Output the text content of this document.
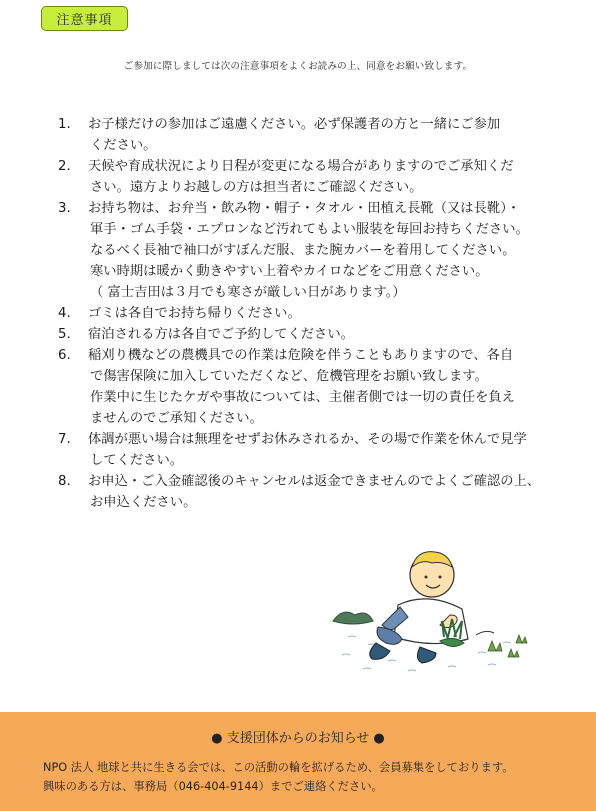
注意事項
ご参加に際しましては次の注意事項をよくお読みの上、同意をお願い致します。
1. お子様だけの参加はご遠慮ください。必ず保護者の方と一緒にご参加
ください。
2. 天候や育成状況により日程が変更になる場合がありますのでご承知くだ
さい。遠方よりお越しの方は担当者にご確認ください。
3. お持ち物は、お弁当・飲み物・帽子・タオル・田植え長靴（又は長靴）・
軍手・ゴム手袋・エプロンなど汚れてもよい服装を毎回お持ちください。
なるべく長袖で袖口がすぼんだ服、また腕カバーを着用してください。
寒い時期は暖かく動きやすい上着やカイロなどをご用意ください。
（ 富士吉田は３月でも寒さが厳しい日があります。）
4. ゴミは各自でお持ち帰りください。
5. 宿泊される方は各自でご予約してください。
6. 稲刈り機などの農機具での作業は危険を伴うこともありますので、各自
で傷害保険に加入していただくなど、危機管理をお願い致します。
作業中に生じたケガや事故については、主催者側では一切の責任を負え
ませんのでご承知ください。
7. 体調が悪い場合は無理をせずお休みされるか、その場で作業を休んで見学
してください。
8. お申込・ご入金確認後のキャンセルは返金できませんのでよくご確認の上、
お申込ください。
● 支援団体からのお知らせ ●
NPO 法人 地球と共に生きる会では、この活動の輪を拡げるため、会員募集をしております。
興味のある方は、事務局（046-404-9144）までご連絡ください。
